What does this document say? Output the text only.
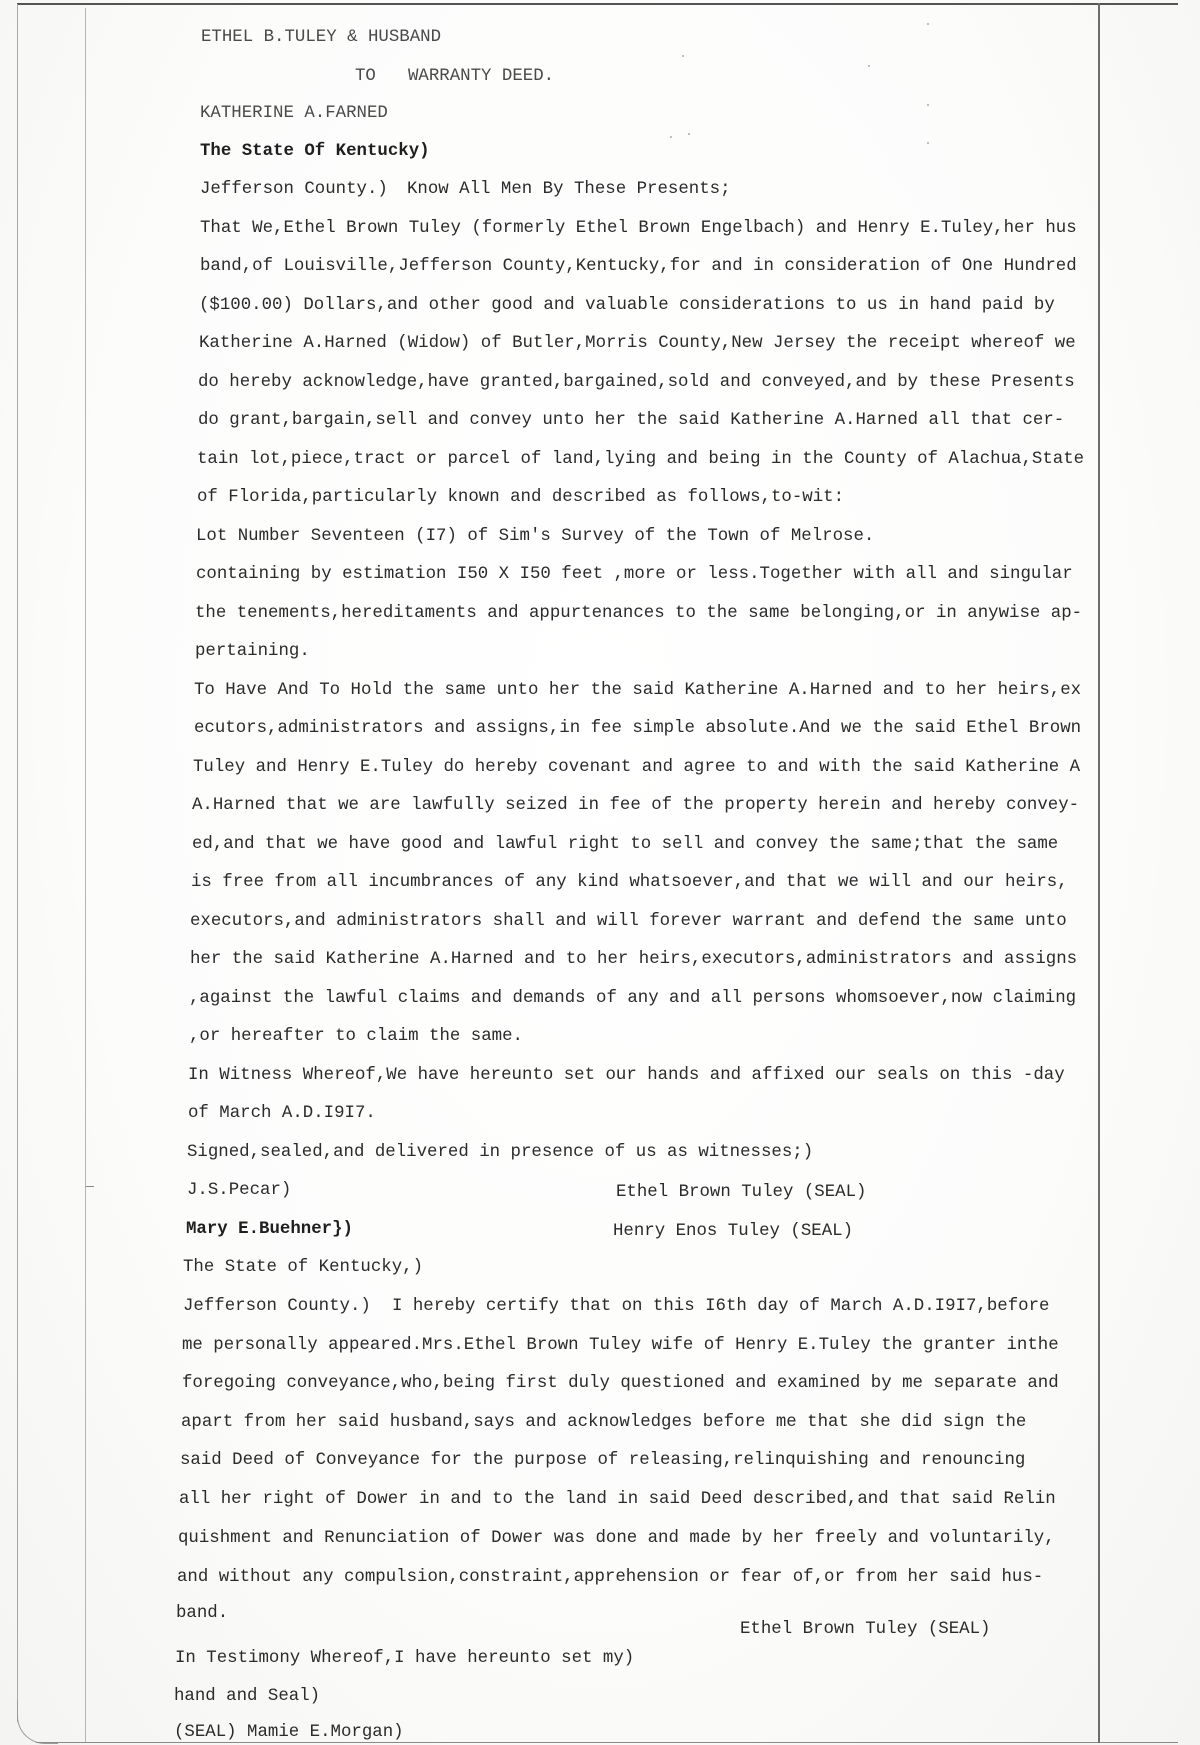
ETHEL B.TULEY & HUSBAND
TO WARRANTY DEED.
KATHERINE A.FARNED
The State Of Kentucky)
Jefferson County.) Know All Men By These Presents;
That We,Ethel Brown Tuley (formerly Ethel Brown Engelbach) and Henry E.Tuley,her hus
band,of Louisville,Jefferson County,Kentucky,for and in consideration of One Hundred
($100.00) Dollars,and other good and valuable considerations to us in hand paid by
Katherine A.Harned (Widow) of Butler,Morris County,New Jersey the receipt whereof we
do hereby acknowledge,have granted,bargained,sold and conveyed,and by these Presents
do grant,bargain,sell and convey unto her the said Katherine A.Harned all that cer-
tain lot,piece,tract or parcel of land,lying and being in the County of Alachua,State
of Florida,particularly known and described as follows,to-wit:
Lot Number Seventeen (I7) of Sim's Survey of the Town of Melrose.
containing by estimation I50 X I50 feet ,more or less.Together with all and singular
the tenements,hereditaments and appurtenances to the same belonging,or in anywise ap-
pertaining.
To Have And To Hold the same unto her the said Katherine A.Harned and to her heirs,ex
ecutors,administrators and assigns,in fee simple absolute.And we the said Ethel Brown
Tuley and Henry E.Tuley do hereby covenant and agree to and with the said Katherine A
A.Harned that we are lawfully seized in fee of the property herein and hereby convey-
ed,and that we have good and lawful right to sell and convey the same;that the same
is free from all incumbrances of any kind whatsoever,and that we will and our heirs,
executors,and administrators shall and will forever warrant and defend the same unto
her the said Katherine A.Harned and to her heirs,executors,administrators and assigns
,against the lawful claims and demands of any and all persons whomsoever,now claiming
,or hereafter to claim the same.
In Witness Whereof,We have hereunto set our hands and affixed our seals on this -day
of March A.D.I9I7.
Signed,sealed,and delivered in presence of us as witnesses;)
J.S.Pecar)	Ethel Brown Tuley (SEAL)
Mary E.Buehner})	Henry Enos Tuley (SEAL)
The State of Kentucky,)
Jefferson County.) I hereby certify that on this I6th day of March A.D.I9I7,before
me personally appeared.Mrs.Ethel Brown Tuley wife of Henry E.Tuley the granter inthe
foregoing conveyance,who,being first duly questioned and examined by me separate and
apart from her said husband,says and acknowledges before me that she did sign the
said Deed of Conveyance for the purpose of releasing,relinquishing and renouncing
all her right of Dower in and to the land in said Deed described,and that said Relin
quishment and Renunciation of Dower was done and made by her freely and voluntarily,
and without any compulsion,constraint,apprehension or fear of,or from her said hus-
band.
Ethel Brown Tuley (SEAL)
In Testimony Whereof,I have hereunto set my)
hand and Seal)
(SEAL) Mamie E.Morgan)
